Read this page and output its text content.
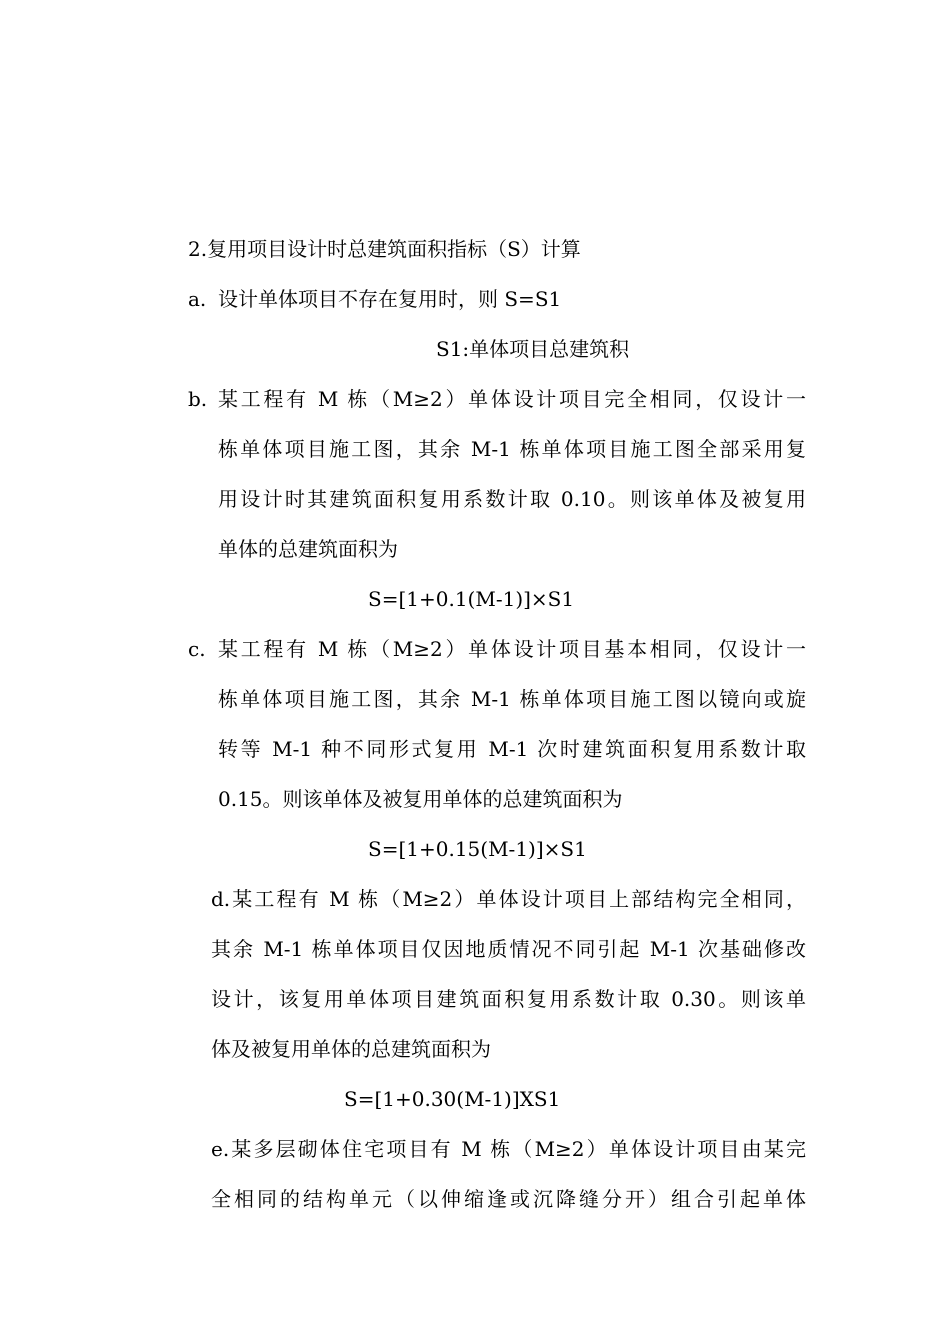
2.复用项目设计时总建筑面积指标（S）计算
a. 设计单体项目不存在复用时，则 S=S1
S1:单体项目总建筑积
b. 某工程有 M 栋（M≥2）单体设计项目完全相同，仅设计一
栋单体项目施工图，其余 M-1 栋单体项目施工图全部采用复
用设计时其建筑面积复用系数计取 0.10。则该单体及被复用
单体的总建筑面积为
S=[1+0.1(M-1)]×S1
c. 某工程有 M 栋（M≥2）单体设计项目基本相同，仅设计一
栋单体项目施工图，其余 M-1 栋单体项目施工图以镜向或旋
转等 M-1 种不同形式复用 M-1 次时建筑面积复用系数计取
0.15。则该单体及被复用单体的总建筑面积为
S=[1+0.15(M-1)]×S1
d.某工程有 M 栋（M≥2）单体设计项目上部结构完全相同，
其余 M-1 栋单体项目仅因地质情况不同引起 M-1 次基础修改
设计，该复用单体项目建筑面积复用系数计取 0.30。则该单
体及被复用单体的总建筑面积为
S=[1+0.30(M-1)]XS1
e.某多层砌体住宅项目有 M 栋（M≥2）单体设计项目由某完
全相同的结构单元（以伸缩逢或沉降缝分开）组合引起单体
